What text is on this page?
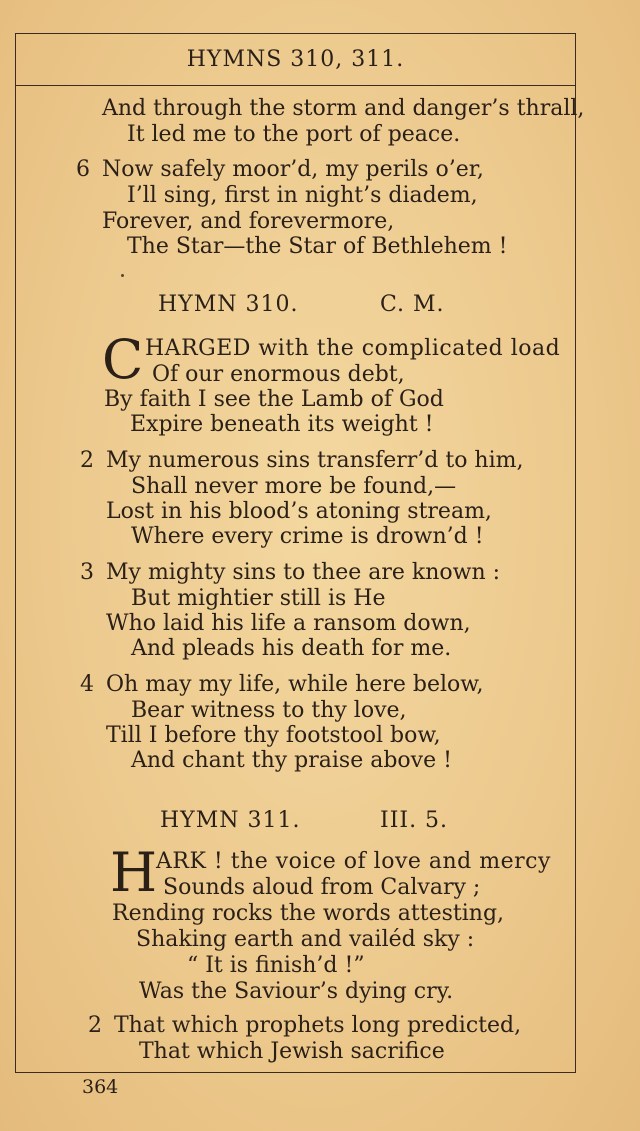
HYMNS 310, 311.
And through the storm and danger’s thrall,
It led me to the port of peace.
6 Now safely moor’d, my perils o’er,
I’ll sing, first in night’s diadem,
Forever, and forevermore,
The Star—the Star of Bethlehem !
HYMN 310.	C. M.
C HARGED with the complicated load
Of our enormous debt,
By faith I see the Lamb of God
Expire beneath its weight !
2 My numerous sins transferr’d to him,
Shall never more be found,—
Lost in his blood’s atoning stream,
Where every crime is drown’d !
3 My mighty sins to thee are known :
But mightier still is He
Who laid his life a ransom down,
And pleads his death for me.
4 Oh may my life, while here below,
Bear witness to thy love,
Till I before thy footstool bow,
And chant thy praise above !
HYMN 311.	III. 5.
H
ARK ! the voice of love and mercy
Sounds aloud from Calvary ;
Rending rocks the words attesting,
Shaking earth and vailéd sky :
“ It is finish’d !”
Was the Saviour’s dying cry.
2 That which prophets long predicted,
That which Jewish sacrifice
364
